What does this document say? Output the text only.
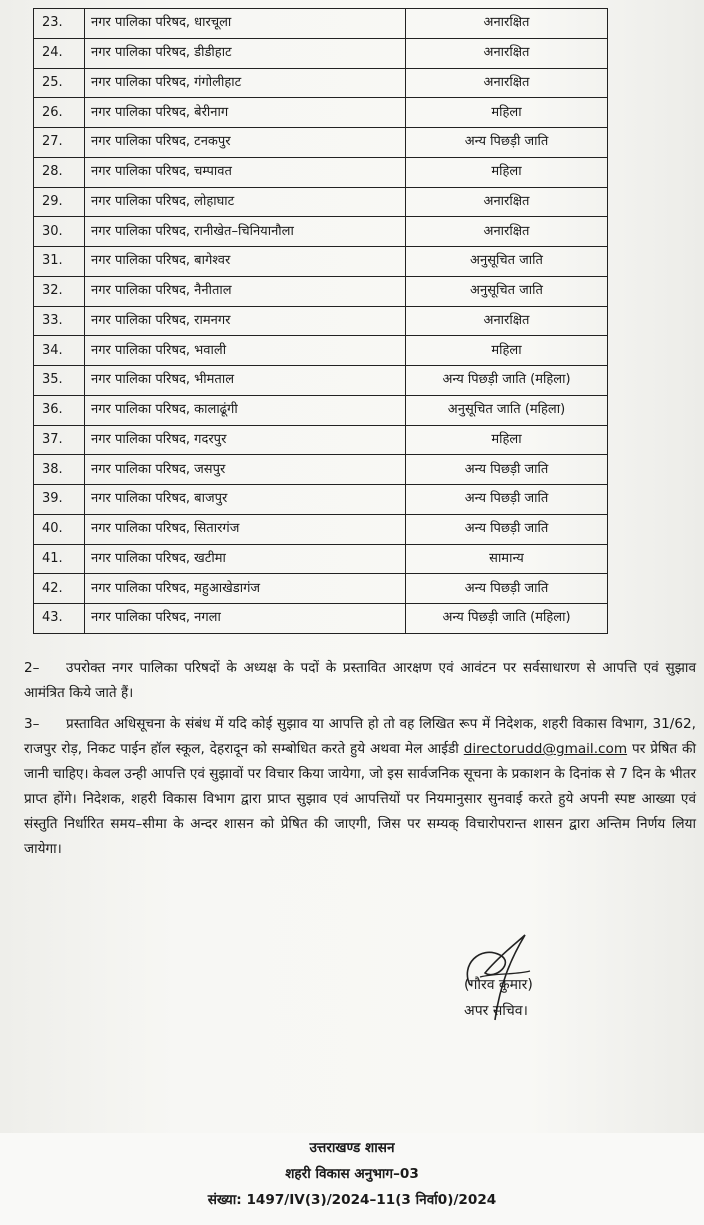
23.	नगर पालिका परिषद, धारचूला	अनारक्षित
24.	नगर पालिका परिषद, डीडीहाट	अनारक्षित
25.	नगर पालिका परिषद, गंगोलीहाट	अनारक्षित
26.	नगर पालिका परिषद, बेरीनाग	महिला
27.	नगर पालिका परिषद, टनकपुर	अन्य पिछड़ी जाति
28.	नगर पालिका परिषद, चम्पावत	महिला
29.	नगर पालिका परिषद, लोहाघाट	अनारक्षित
30.	नगर पालिका परिषद, रानीखेत–चिनियानौला	अनारक्षित
31.	नगर पालिका परिषद, बागेश्वर	अनुसूचित जाति
32.	नगर पालिका परिषद, नैनीताल	अनुसूचित जाति
33.	नगर पालिका परिषद, रामनगर	अनारक्षित
34.	नगर पालिका परिषद, भवाली	महिला
35.	नगर पालिका परिषद, भीमताल	अन्य पिछड़ी जाति (महिला)
36.	नगर पालिका परिषद, कालाढूंगी	अनुसूचित जाति (महिला)
37.	नगर पालिका परिषद, गदरपुर	महिला
38.	नगर पालिका परिषद, जसपुर	अन्य पिछड़ी जाति
39.	नगर पालिका परिषद, बाजपुर	अन्य पिछड़ी जाति
40.	नगर पालिका परिषद, सितारगंज	अन्य पिछड़ी जाति
41.	नगर पालिका परिषद, खटीमा	सामान्य
42.	नगर पालिका परिषद, महुआखेडागंज	अन्य पिछड़ी जाति
43.	नगर पालिका परिषद, नगला	अन्य पिछड़ी जाति (महिला)
2– उपरोक्त नगर पालिका परिषदों के अध्यक्ष के पदों के प्रस्तावित आरक्षण एवं आवंटन पर सर्वसाधारण से आपत्ति एवं सुझाव आमंत्रित किये जाते हैं।
3– प्रस्तावित अधिसूचना के संबंध में यदि कोई सुझाव या आपत्ति हो तो वह लिखित रूप में निदेशक, शहरी विकास विभाग, 31/62, राजपुर रोड़, निकट पाईन हॉल स्कूल, देहरादून को सम्बोधित करते हुये अथवा मेल आईडी directorudd@gmail.com पर प्रेषित की जानी चाहिए। केवल उन्ही आपत्ति एवं सुझावों पर विचार किया जायेगा, जो इस सार्वजनिक सूचना के प्रकाशन के दिनांक से 7 दिन के भीतर प्राप्त होंगे। निदेशक, शहरी विकास विभाग द्वारा प्राप्त सुझाव एवं आपत्तियों पर नियमानुसार सुनवाई करते हुये अपनी स्पष्ट आख्या एवं संस्तुति निर्धारित समय–सीमा के अन्दर शासन को प्रेषित की जाएगी, जिस पर सम्यक् विचारोपरान्त शासन द्वारा अन्तिम निर्णय लिया जायेगा।
(गौरव कुमार)
अपर सचिव।
उत्तराखण्ड शासन
शहरी विकास अनुभाग–03
संख्या: 1497/IV(3)/2024–11(3 निर्वा0)/2024
